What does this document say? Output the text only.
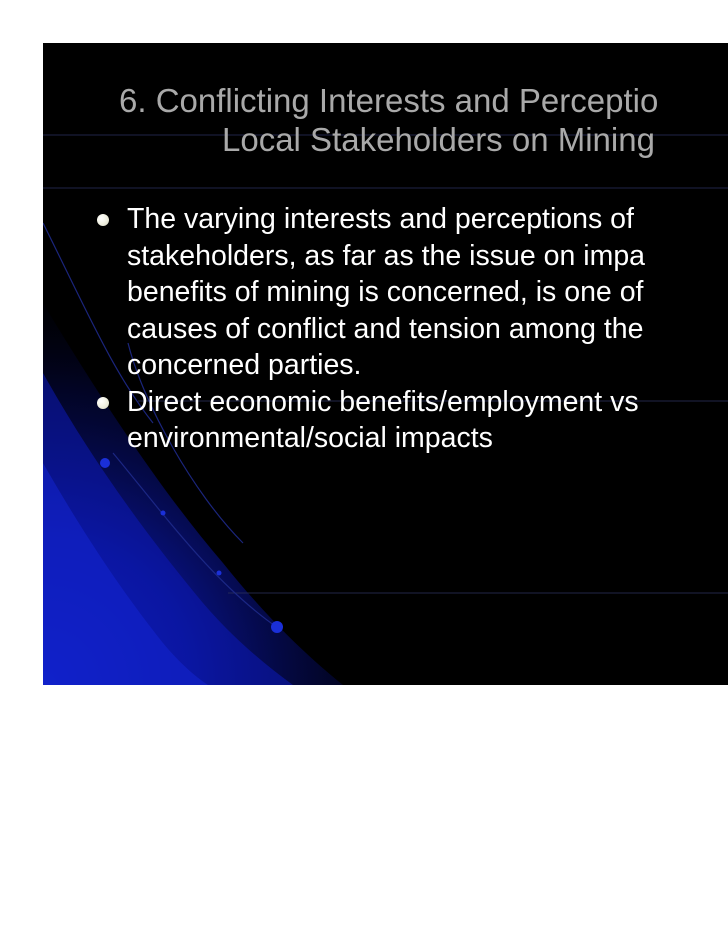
6. Conflicting Interests and Perceptio
Local Stakeholders on Mining
The varying interests and perceptions of
stakeholders, as far as the issue on impa
benefits of mining is concerned, is one of
causes of conflict and tension among the
concerned parties.
Direct economic benefits/employment vs
environmental/social impacts
